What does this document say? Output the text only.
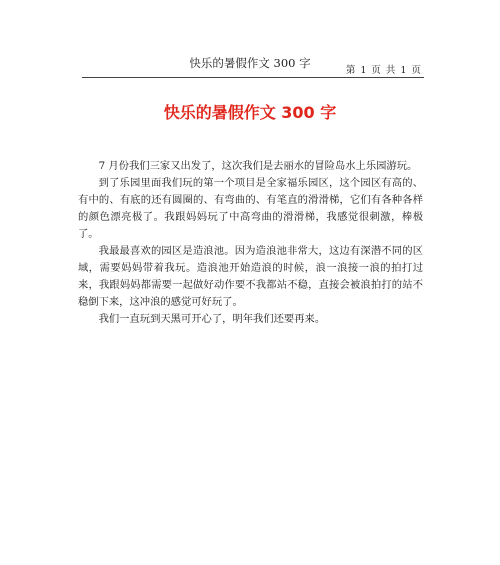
快乐的暑假作文 300 字
第 1 页 共 1 页
快乐的暑假作文 300 字

7 月份我们三家又出发了，这次我们是去丽水的冒险岛水上乐园游玩。

到了乐园里面我们玩的第一个项目是全家福乐园区，这个园区有高的、有中的、有底的还有圆圈的、有弯曲的、有笔直的滑滑梯，它们有各种各样的颜色漂亮极了。我跟妈妈玩了中高弯曲的滑滑梯，我感觉很刺激，棒极了。

我最最喜欢的园区是造浪池。因为造浪池非常大，这边有深潜不同的区域，需要妈妈带着我玩。造浪池开始造浪的时候，浪一浪接一浪的拍打过来，我跟妈妈都需要一起做好动作要不我都站不稳，直接会被浪拍打的站不稳倒下来，这冲浪的感觉可好玩了。

我们一直玩到天黑可开心了，明年我们还要再来。
